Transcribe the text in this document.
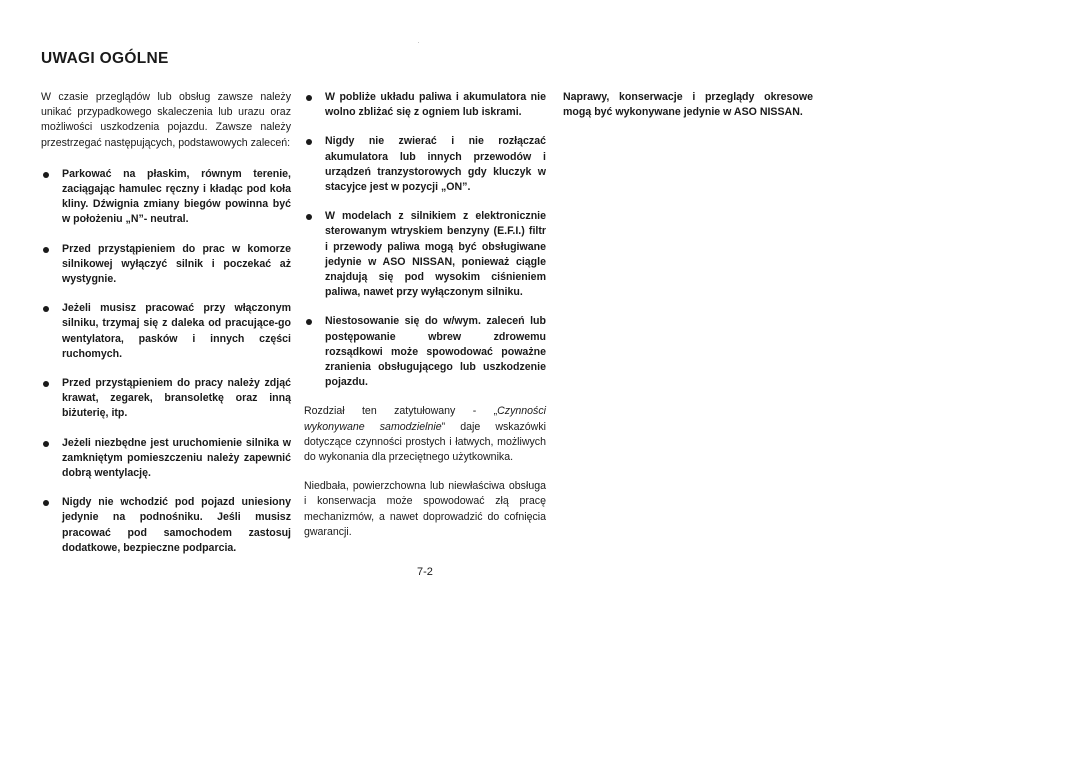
UWAGI OGÓLNE

W czasie przeglądów lub obsług zawsze należy unikać przypadkowego skaleczenia lub urazu oraz możliwości uszkodzenia pojazdu. Zawsze należy przestrzegać następujących, podstawowych zaleceń:

Parkować na płaskim, równym terenie, zaciągając hamulec ręczny i kładąc pod koła kliny. Dźwignia zmiany biegów powinna być w położeniu „N”- neutral.
Przed przystąpieniem do prac w komorze silnikowej wyłączyć silnik i poczekać aż wystygnie.
Jeżeli musisz pracować przy włączonym silniku, trzymaj się z daleka od pracujące-go wentylatora, pasków i innych części ruchomych.
Przed przystąpieniem do pracy należy zdjąć krawat, zegarek, bransoletkę oraz inną biżuterię, itp.
Jeżeli niezbędne jest uruchomienie silnika w zamkniętym pomieszczeniu należy zapewnić dobrą wentylację.
Nigdy nie wchodzić pod pojazd uniesiony jedynie na podnośniku. Jeśli musisz pracować pod samochodem zastosuj dodatkowe, bezpieczne podparcia.
W pobliże układu paliwa i akumulatora nie wolno zbliżać się z ogniem lub iskrami.
Nigdy nie zwierać i nie rozłączać akumulatora lub innych przewodów i urządzeń tranzystorowych gdy kluczyk w stacyjce jest w pozycji „ON”.
W modelach z silnikiem z elektronicznie sterowanym wtryskiem benzyny (E.F.I.) filtr i przewody paliwa mogą być obsługiwane jedynie w ASO NISSAN, ponieważ ciągle znajdują się pod wysokim ciśnieniem paliwa, nawet przy wyłączonym silniku.
Niestosowanie się do w/wym. zaleceń lub postępowanie wbrew zdrowemu rozsądkowi może spowodować poważne zranienia obsługującego lub uszkodzenie pojazdu.

Rozdział ten zatytułowany - „Czynności wykonywane samodzielnie” daje wskazówki dotyczące czynności prostych i łatwych, możliwych do wykonania dla przeciętnego użytkownika.

Niedbała, powierzchowna lub niewłaściwa obsługa i konserwacja może spowodować złą pracę mechanizmów, a nawet doprowadzić do cofnięcia gwarancji.

Naprawy, konserwacje i przeglądy okresowe mogą być wykonywane jedynie w ASO NISSAN.

7-2
